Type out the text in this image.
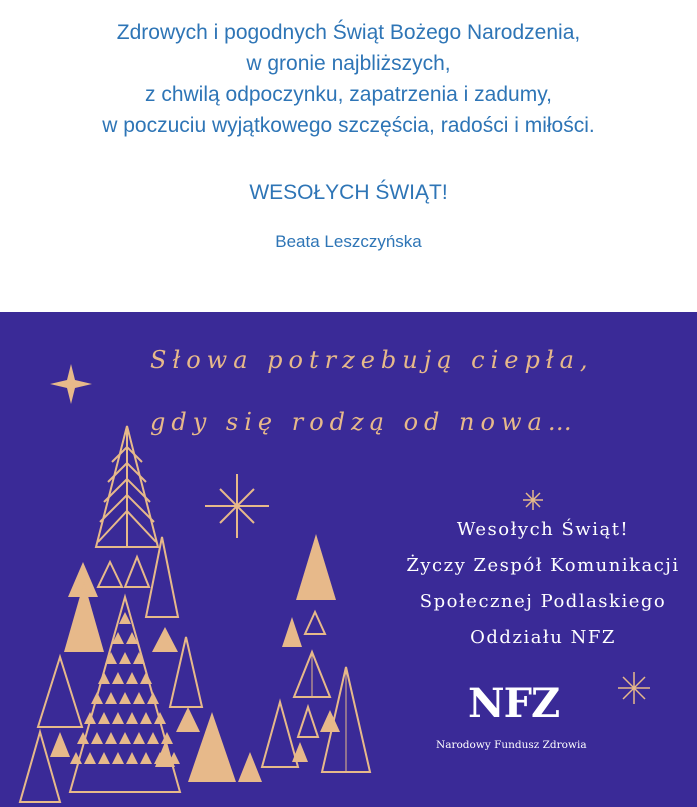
Zdrowych i pogodnych Świąt Bożego Narodzenia,

w gronie najbliższych,

z chwilą odpoczynku, zapatrzenia i zadumy,

w poczuciu wyjątkowego szczęścia, radości i miłości.

WESOŁYCH ŚWIĄT!
Beata Leszczyńska
Słowa potrzebują ciepła,
gdy się rodzą od nowa…
Wesołych Świąt!
Życzy Zespół Komunikacji
Społecznej Podlaskiego
Oddziału NFZ
NFZ
Narodowy Fundusz Zdrowia
